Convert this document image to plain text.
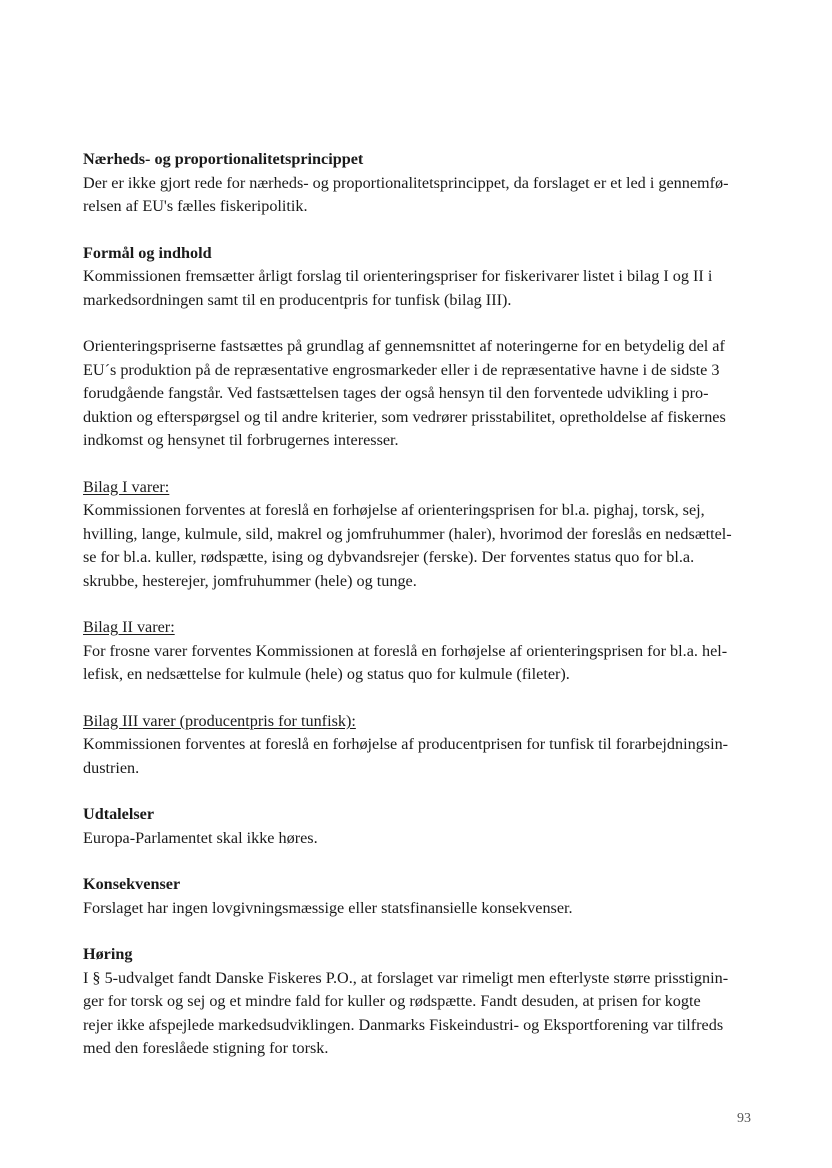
Nærheds- og proportionalitetsprincippet

Der er ikke gjort rede for nærheds- og proportionalitetsprincippet, da forslaget er et led i gennemfø-
relsen af EU's fælles fiskeripolitik.

Formål og indhold

Kommissionen fremsætter årligt forslag til orienteringspriser for fiskerivarer listet i bilag I og II i
markedsordningen samt til en producentpris for tunfisk (bilag III).

Orienteringspriserne fastsættes på grundlag af gennemsnittet af noteringerne for en betydelig del af
EU´s produktion på de repræsentative engrosmarkeder eller i de repræsentative havne i de sidste 3
forudgående fangstår. Ved fastsættelsen tages der også hensyn til den forventede udvikling i pro-
duktion og efterspørgsel og til andre kriterier, som vedrører prisstabilitet, opretholdelse af fiskernes
indkomst og hensynet til forbrugernes interesser.

Bilag I varer:

Kommissionen forventes at foreslå en forhøjelse af orienteringsprisen for bl.a. pighaj, torsk, sej,
hvilling, lange, kulmule, sild, makrel og jomfruhummer (haler), hvorimod der foreslås en nedsættel-
se for bl.a. kuller, rødspætte, ising og dybvandsrejer (ferske). Der forventes status quo for bl.a.
skrubbe, hesterejer, jomfruhummer (hele) og tunge.

Bilag II varer:

For frosne varer forventes Kommissionen at foreslå en forhøjelse af orienteringsprisen for bl.a. hel-
lefisk, en nedsættelse for kulmule (hele) og status quo for kulmule (fileter).

Bilag III varer (producentpris for tunfisk):

Kommissionen forventes at foreslå en forhøjelse af producentprisen for tunfisk til forarbejdningsin-
dustrien.

Udtalelser

Europa-Parlamentet skal ikke høres.

Konsekvenser

Forslaget har ingen lovgivningsmæssige eller statsfinansielle konsekvenser.

Høring

I § 5-udvalget fandt Danske Fiskeres P.O., at forslaget var rimeligt men efterlyste større prisstignin-
ger for torsk og sej og et mindre fald for kuller og rødspætte. Fandt desuden, at prisen for kogte
rejer ikke afspejlede markedsudviklingen. Danmarks Fiskeindustri- og Eksportforening var tilfreds
med den foreslåede stigning for torsk.

93
